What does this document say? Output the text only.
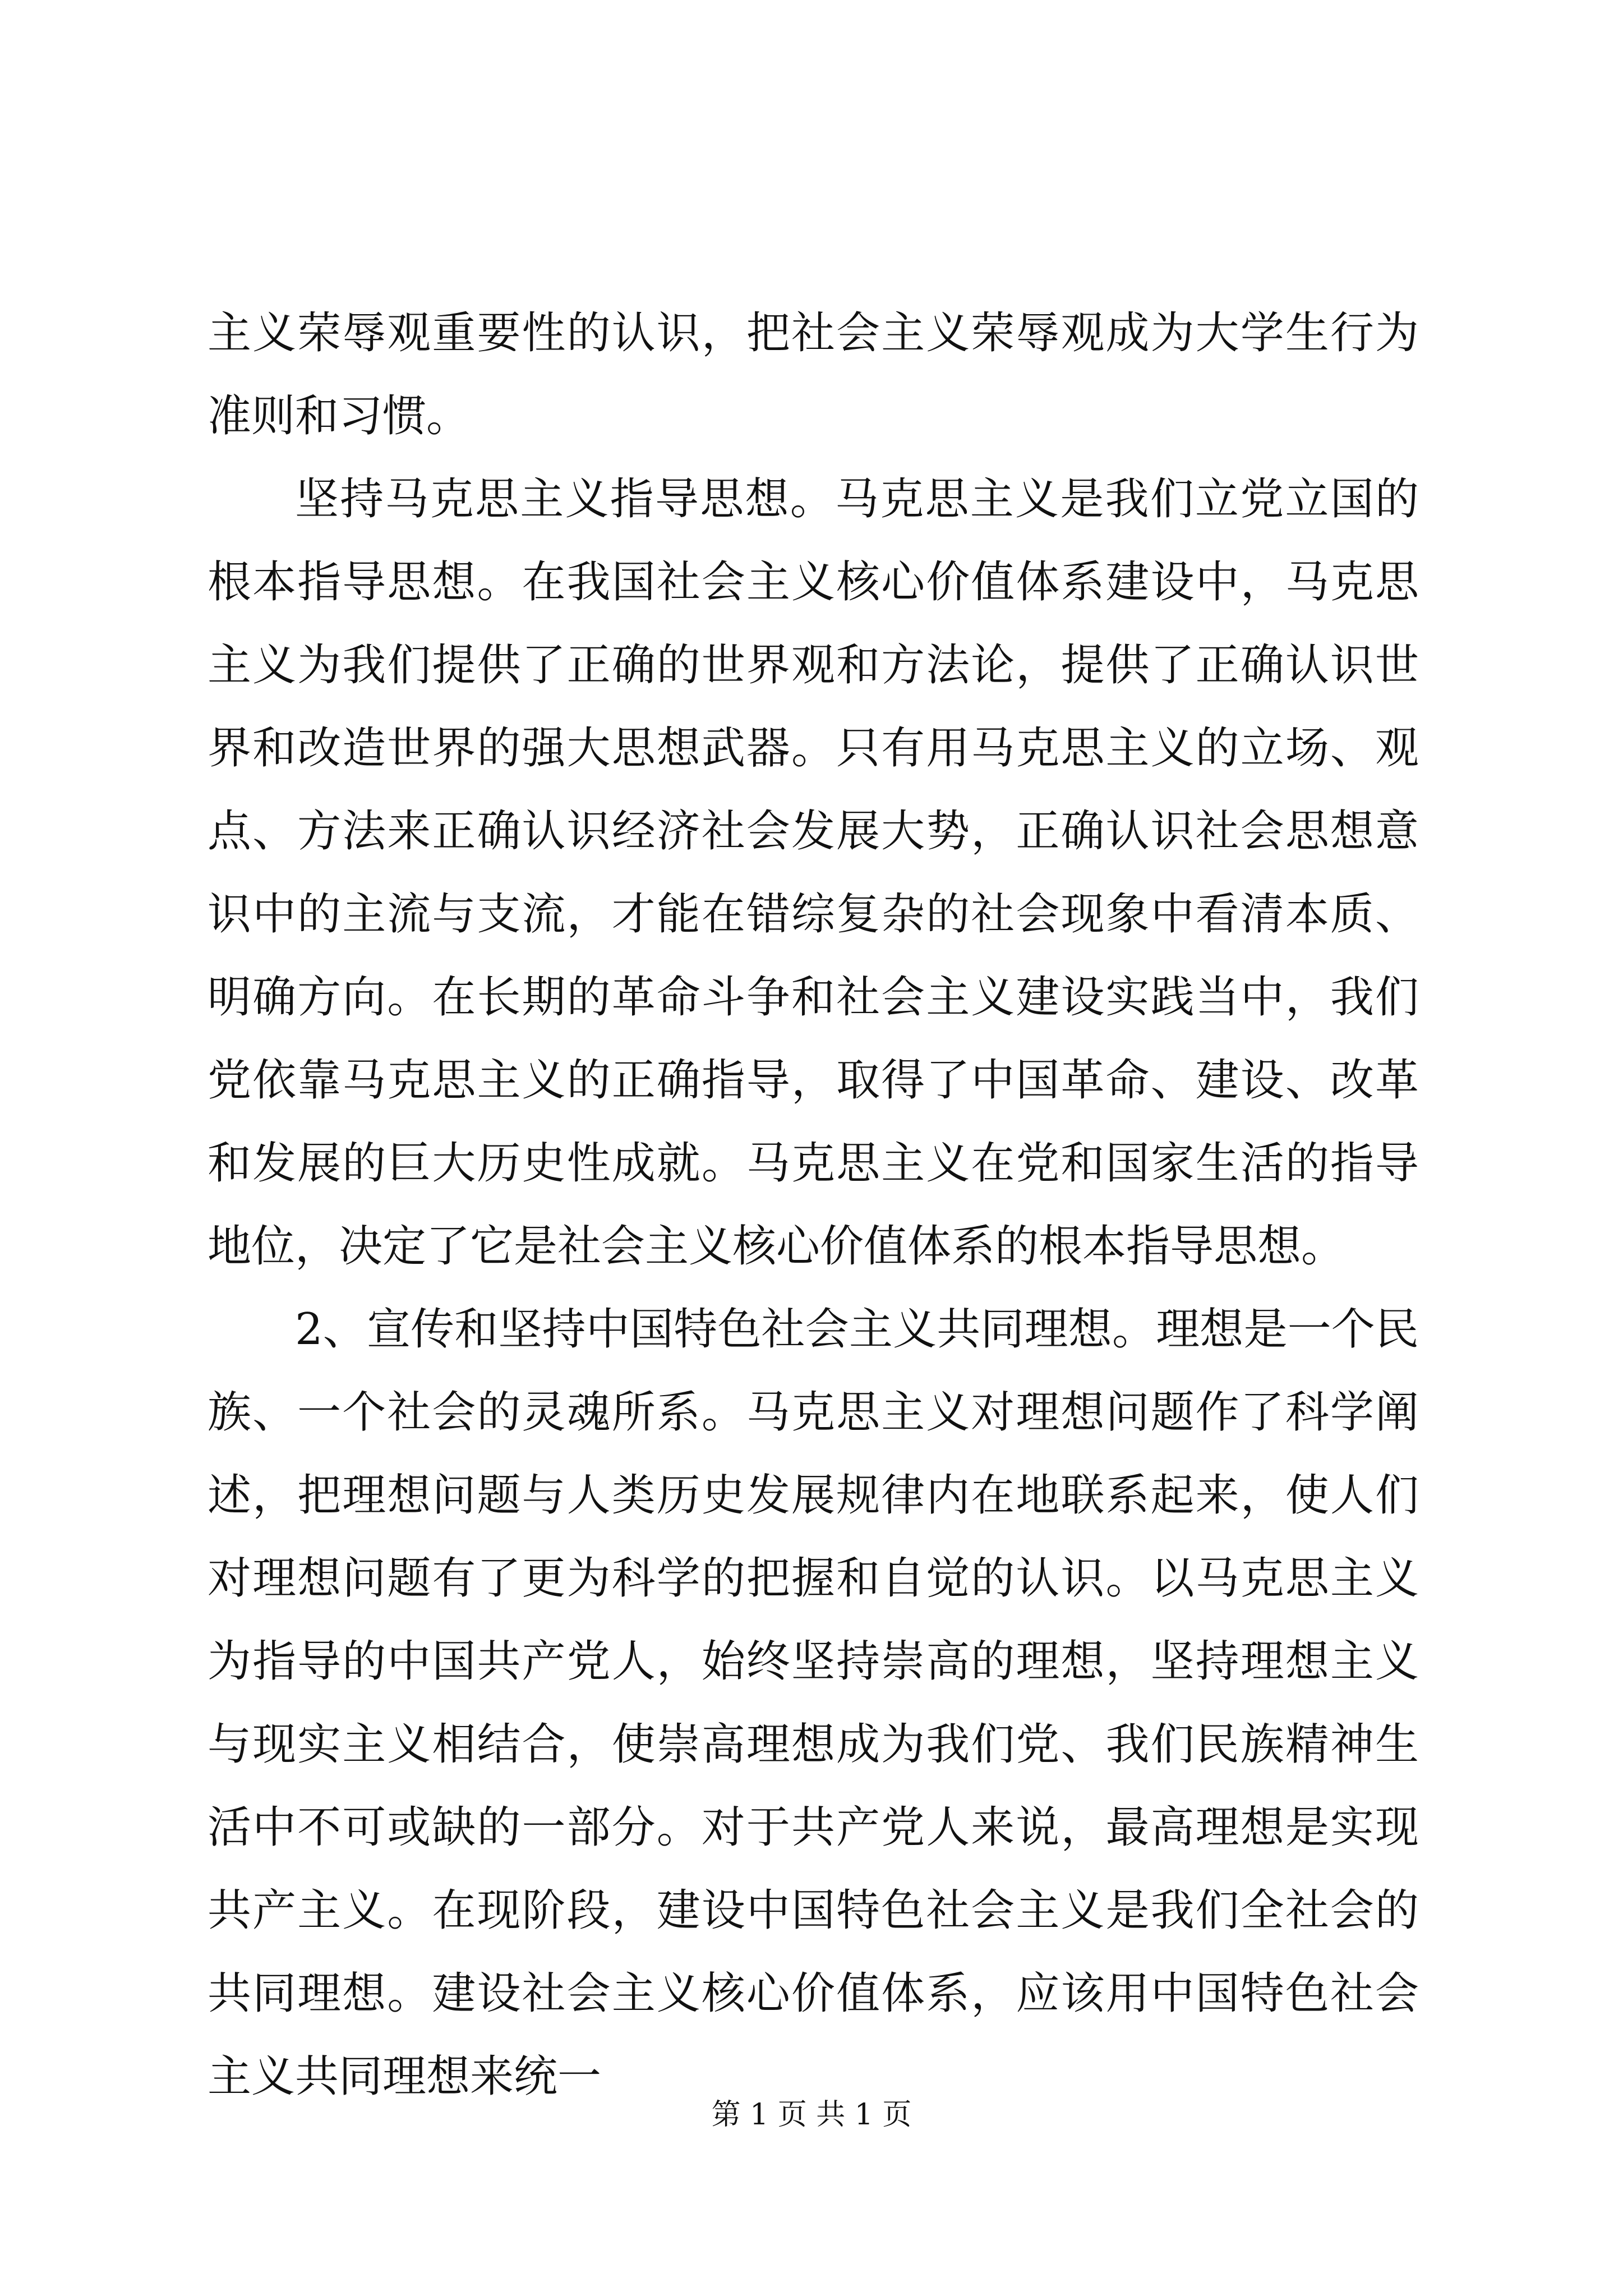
主义荣辱观重要性的认识，把社会主义荣辱观成为大学生行为准则和习惯。

坚持马克思主义指导思想。马克思主义是我们立党立国的根本指导思想。在我国社会主义核心价值体系建设中，马克思主义为我们提供了正确的世界观和方法论，提供了正确认识世界和改造世界的强大思想武器。只有用马克思主义的立场、观点、方法来正确认识经济社会发展大势，正确认识社会思想意识中的主流与支流，才能在错综复杂的社会现象中看清本质、明确方向。在长期的革命斗争和社会主义建设实践当中，我们党依靠马克思主义的正确指导，取得了中国革命、建设、改革和发展的巨大历史性成就。马克思主义在党和国家生活的指导地位，决定了它是社会主义核心价值体系的根本指导思想。

2、宣传和坚持中国特色社会主义共同理想。理想是一个民族、一个社会的灵魂所系。马克思主义对理想问题作了科学阐述，把理想问题与人类历史发展规律内在地联系起来，使人们对理想问题有了更为科学的把握和自觉的认识。以马克思主义为指导的中国共产党人，始终坚持崇高的理想，坚持理想主义与现实主义相结合，使崇高理想成为我们党、我们民族精神生活中不可或缺的一部分。对于共产党人来说，最高理想是实现共产主义。在现阶段，建设中国特色社会主义是我们全社会的共同理想。建设社会主义核心价值体系，应该用中国特色社会主义共同理想来统一

第 1 页 共 1 页
